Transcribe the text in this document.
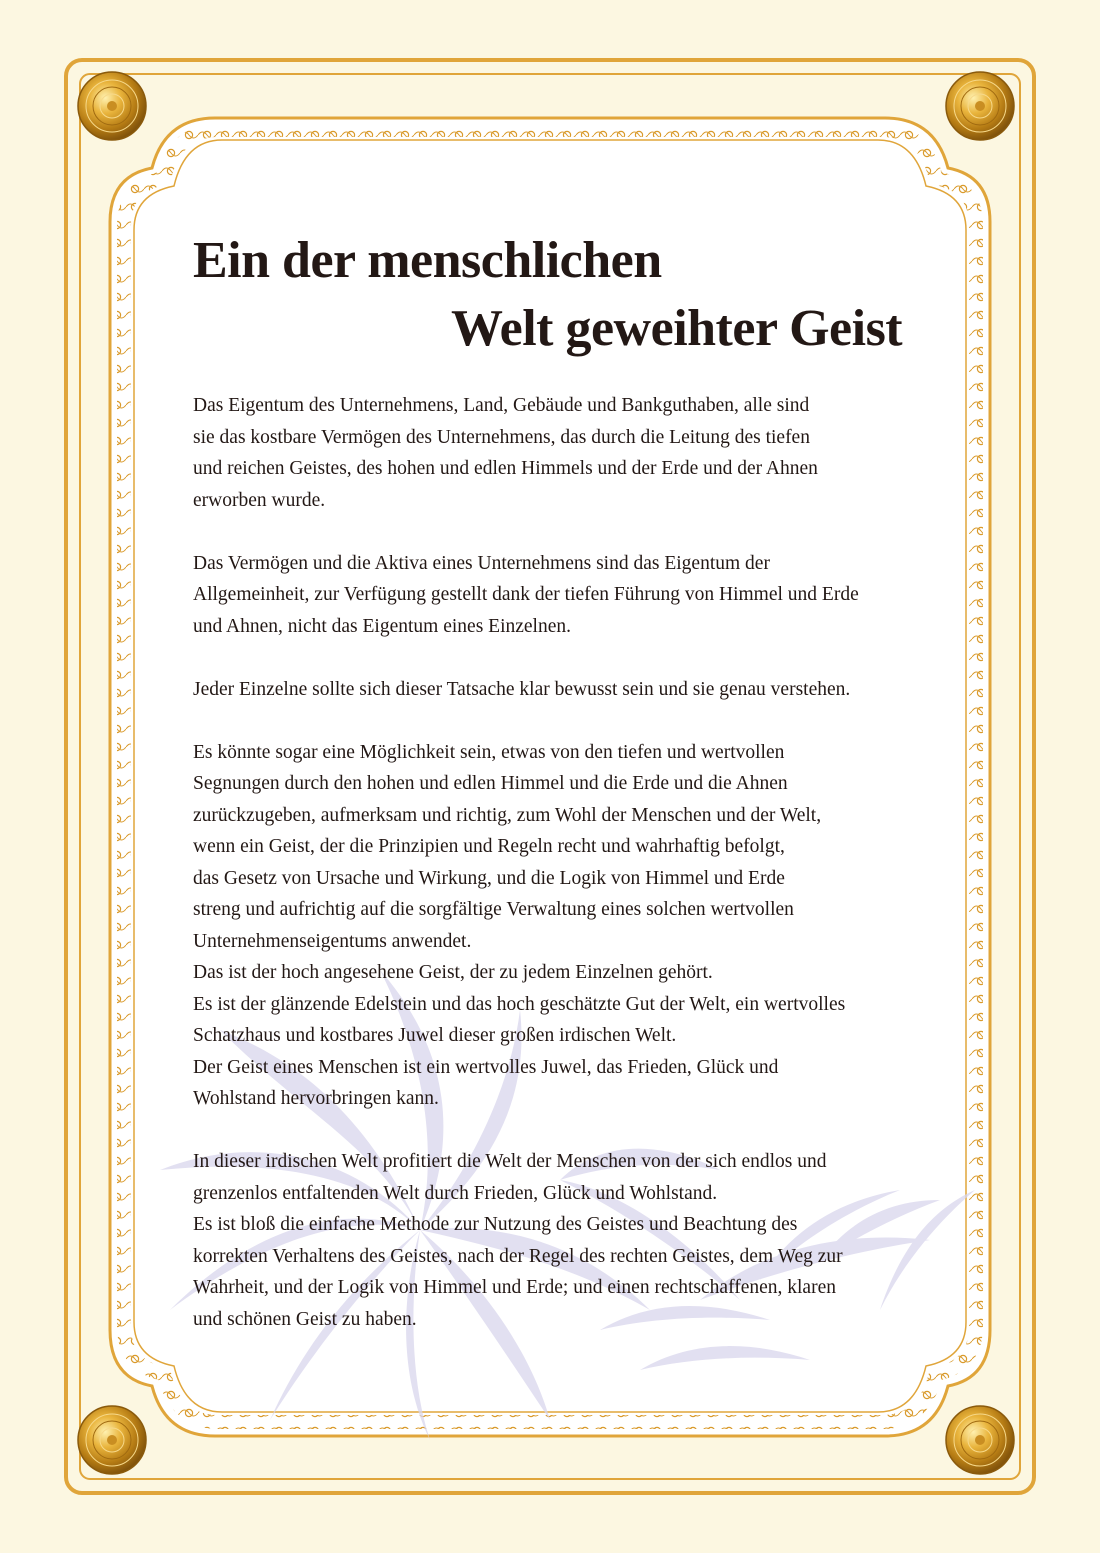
Ein der menschlichen
Welt geweihter Geist

Das Eigentum des Unternehmens, Land, Gebäude und Bankguthaben, alle sind
sie das kostbare Vermögen des Unternehmens, das durch die Leitung des tiefen
und reichen Geistes, des hohen und edlen Himmels und der Erde und der Ahnen
erworben wurde.

Das Vermögen und die Aktiva eines Unternehmens sind das Eigentum der
Allgemeinheit, zur Verfügung gestellt dank der tiefen Führung von Himmel und Erde
und Ahnen, nicht das Eigentum eines Einzelnen.

Jeder Einzelne sollte sich dieser Tatsache klar bewusst sein und sie genau verstehen.

Es könnte sogar eine Möglichkeit sein, etwas von den tiefen und wertvollen
Segnungen durch den hohen und edlen Himmel und die Erde und die Ahnen
zurückzugeben, aufmerksam und richtig, zum Wohl der Menschen und der Welt,
wenn ein Geist, der die Prinzipien und Regeln recht und wahrhaftig befolgt,
das Gesetz von Ursache und Wirkung, und die Logik von Himmel und Erde
streng und aufrichtig auf die sorgfältige Verwaltung eines solchen wertvollen
Unternehmenseigentums anwendet.
Das ist der hoch angesehene Geist, der zu jedem Einzelnen gehört.
Es ist der glänzende Edelstein und das hoch geschätzte Gut der Welt, ein wertvolles
Schatzhaus und kostbares Juwel dieser großen irdischen Welt.
Der Geist eines Menschen ist ein wertvolles Juwel, das Frieden, Glück und
Wohlstand hervorbringen kann.

In dieser irdischen Welt profitiert die Welt der Menschen von der sich endlos und
grenzenlos entfaltenden Welt durch Frieden, Glück und Wohlstand.
Es ist bloß die einfache Methode zur Nutzung des Geistes und Beachtung des
korrekten Verhaltens des Geistes, nach der Regel des rechten Geistes, dem Weg zur
Wahrheit, und der Logik von Himmel und Erde; und einen rechtschaffenen, klaren
und schönen Geist zu haben.
